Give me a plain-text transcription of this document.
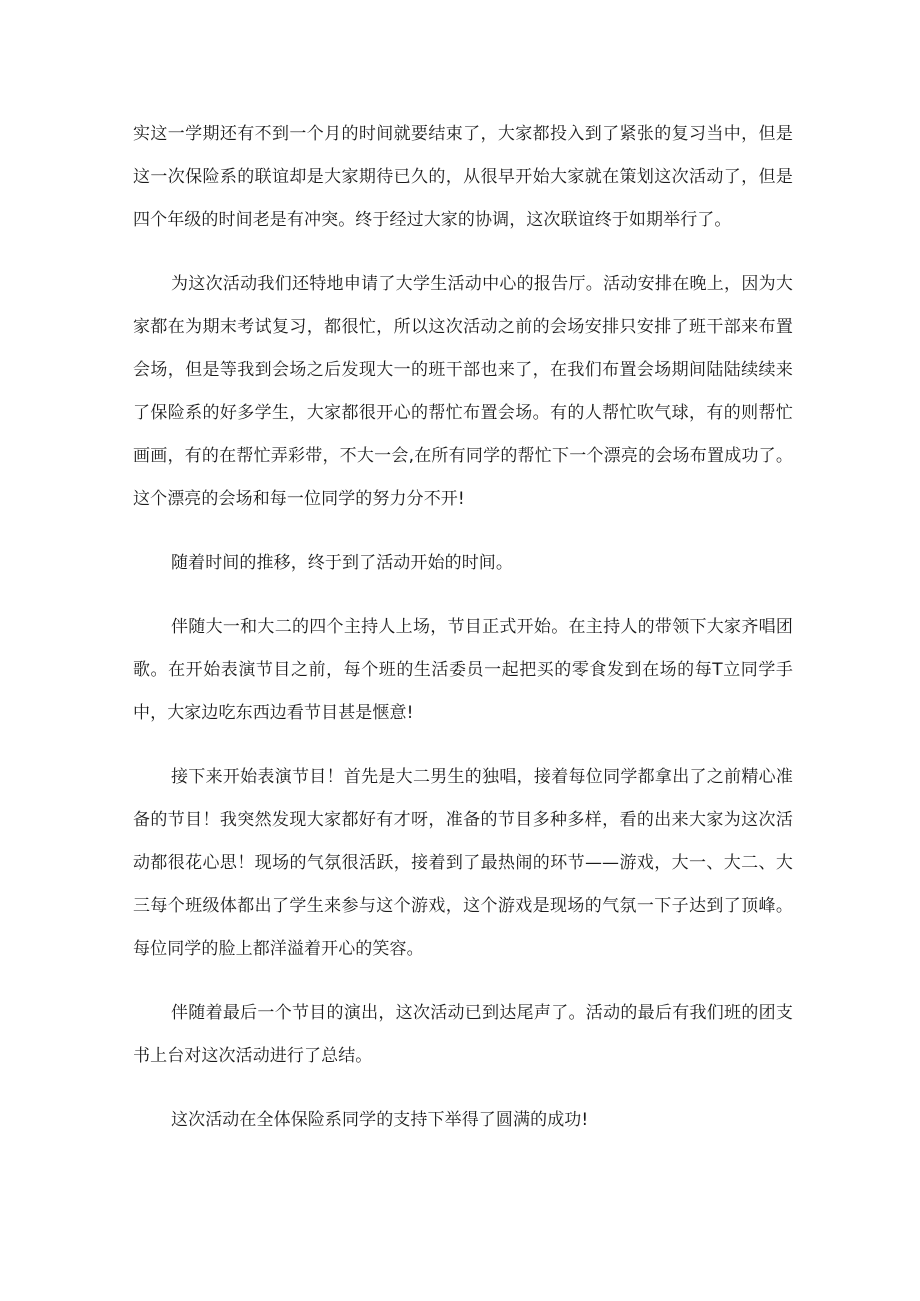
实这一学期还有不到一个月的时间就要结束了，大家都投入到了紧张的复习当中，但是这一次保险系的联谊却是大家期待已久的，从很早开始大家就在策划这次活动了，但是四个年级的时间老是有冲突。终于经过大家的协调，这次联谊终于如期举行了。

为这次活动我们还特地申请了大学生活动中心的报告厅。活动安排在晚上，因为大家都在为期末考试复习，都很忙，所以这次活动之前的会场安排只安排了班干部来布置会场，但是等我到会场之后发现大一的班干部也来了，在我们布置会场期间陆陆续续来了保险系的好多学生，大家都很开心的帮忙布置会场。有的人帮忙吹气球，有的则帮忙画画，有的在帮忙弄彩带，不大一会,在所有同学的帮忙下一个漂亮的会场布置成功了。这个漂亮的会场和每一位同学的努力分不开!

随着时间的推移，终于到了活动开始的时间。

伴随大一和大二的四个主持人上场，节目正式开始。在主持人的带领下大家齐唱团歌。在开始表演节目之前，每个班的生活委员一起把买的零食发到在场的每T立同学手中，大家边吃东西边看节目甚是惬意!

接下来开始表演节目！首先是大二男生的独唱，接着每位同学都拿出了之前精心准备的节目！我突然发现大家都好有才呀，准备的节目多种多样，看的出来大家为这次活动都很花心思！现场的气氛很活跃，接着到了最热闹的环节——游戏，大一、大二、大三每个班级体都出了学生来参与这个游戏，这个游戏是现场的气氛一下子达到了顶峰。每位同学的脸上都洋溢着开心的笑容。

伴随着最后一个节目的演出，这次活动已到达尾声了。活动的最后有我们班的团支书上台对这次活动进行了总结。

这次活动在全体保险系同学的支持下举得了圆满的成功!
